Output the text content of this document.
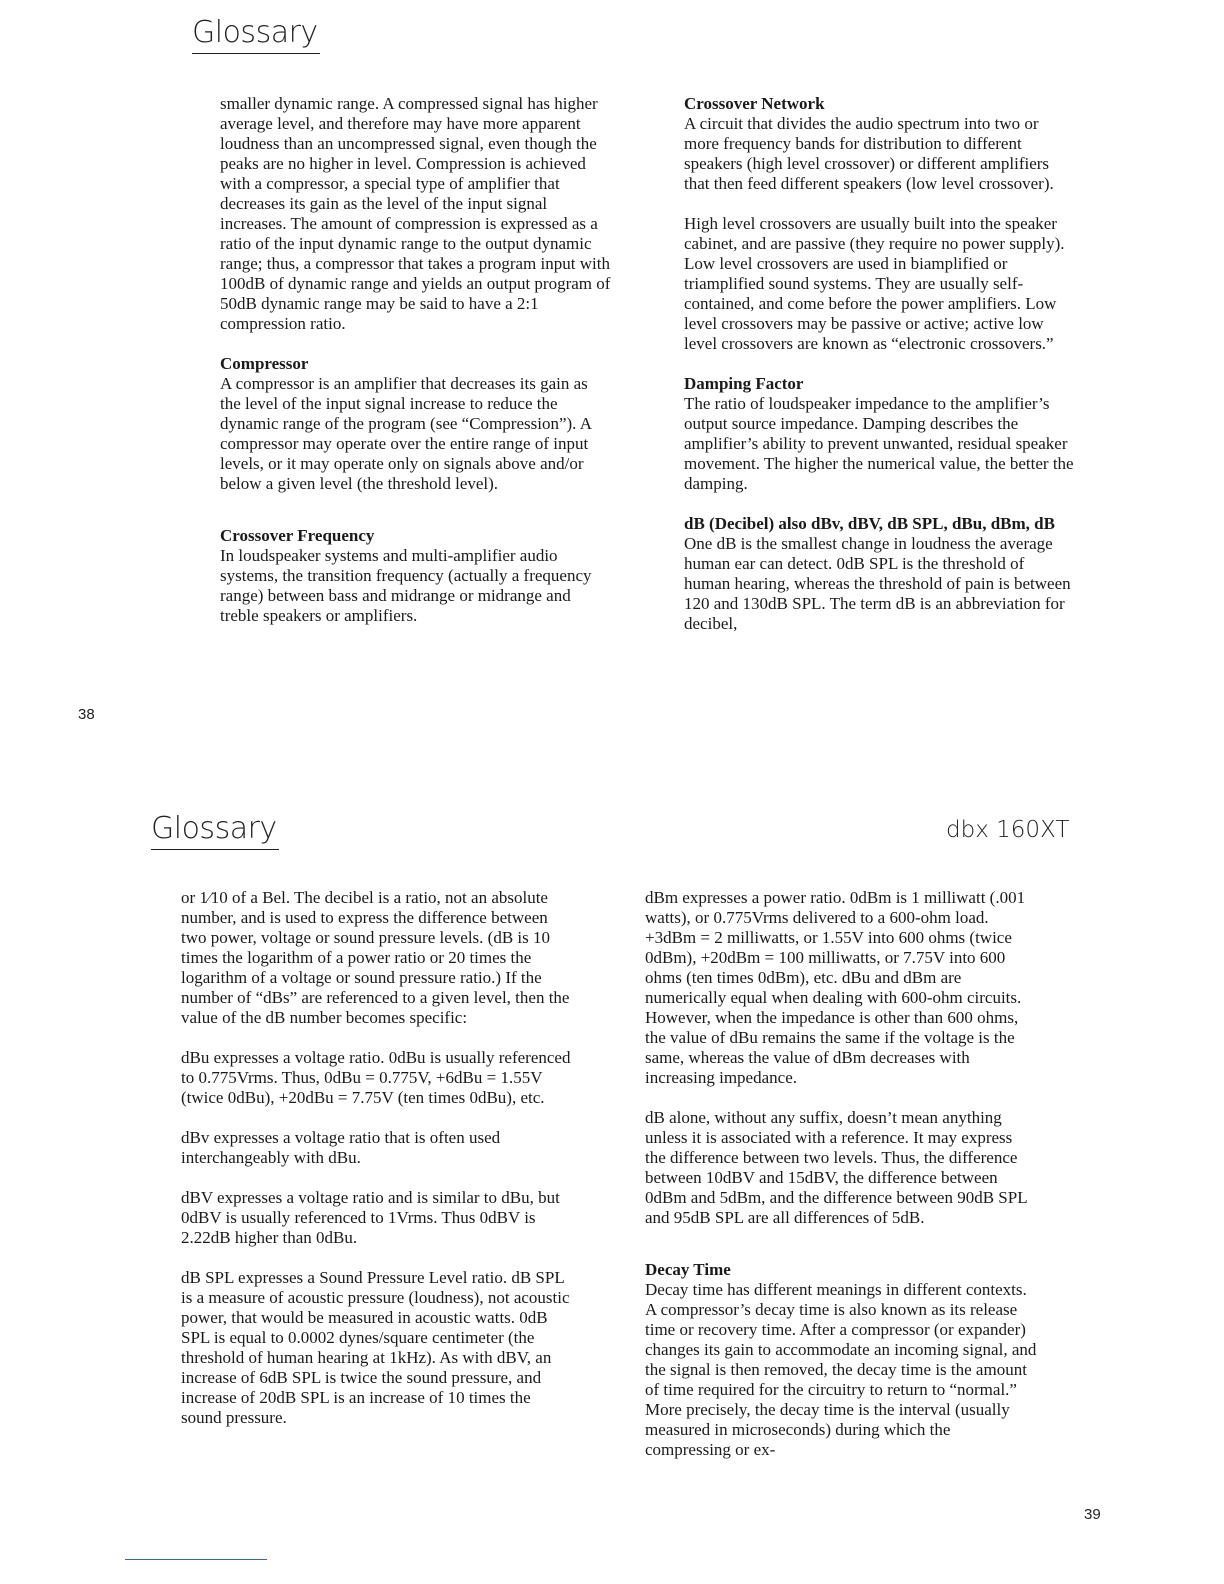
Glossary

smaller dynamic range. A compressed signal has higher average level, and therefore may have more apparent loudness than an uncompressed signal, even though the peaks are no higher in level. Compression is achieved with a compressor, a special type of amplifier that decreases its gain as the level of the input signal increases. The amount of compression is expressed as a ratio of the input dynamic range to the output dynamic range; thus, a compressor that takes a program input with 100dB of dynamic range and yields an output program of 50dB dynamic range may be said to have a 2:1 compression ratio.

Compressor
A compressor is an amplifier that decreases its gain as the level of the input signal increase to reduce the dynamic range of the program (see “Compression”). A compressor may operate over the entire range of input levels, or it may operate only on signals above and/or below a given level (the threshold level).

Crossover Frequency
In loudspeaker systems and multi-amplifier audio systems, the transition frequency (actually a frequency range) between bass and midrange or midrange and treble speakers or amplifiers.

Crossover Network
A circuit that divides the audio spectrum into two or more frequency bands for distribution to different speakers (high level crossover) or different amplifiers that then feed different speakers (low level crossover).

High level crossovers are usually built into the speaker cabinet, and are passive (they require no power supply). Low level crossovers are used in biamplified or triamplified sound systems. They are usually self-contained, and come before the power amplifiers. Low level crossovers may be passive or active; active low level crossovers are known as “electronic crossovers.”

Damping Factor
The ratio of loudspeaker impedance to the amplifier’s output source impedance. Damping describes the amplifier’s ability to prevent unwanted, residual speaker movement. The higher the numerical value, the better the damping.

dB (Decibel) also dBv, dBV, dB SPL, dBu, dBm, dB
One dB is the smallest change in loudness the average human ear can detect. 0dB SPL is the threshold of human hearing, whereas the threshold of pain is between 120 and 130dB SPL. The term dB is an abbreviation for decibel,

38
Glossary	dbx 160XT

or 1⁄10 of a Bel. The decibel is a ratio, not an absolute number, and is used to express the difference between two power, voltage or sound pressure levels. (dB is 10 times the logarithm of a power ratio or 20 times the logarithm of a voltage or sound pressure ratio.) If the number of “dBs” are referenced to a given level, then the value of the dB number becomes specific:

dBu expresses a voltage ratio. 0dBu is usually referenced to 0.775Vrms. Thus, 0dBu = 0.775V, +6dBu = 1.55V (twice 0dBu), +20dBu = 7.75V (ten times 0dBu), etc.

dBv expresses a voltage ratio that is often used interchangeably with dBu.

dBV expresses a voltage ratio and is similar to dBu, but 0dBV is usually referenced to 1Vrms. Thus 0dBV is 2.22dB higher than 0dBu.

dB SPL expresses a Sound Pressure Level ratio. dB SPL is a measure of acoustic pressure (loudness), not acoustic power, that would be measured in acoustic watts. 0dB SPL is equal to 0.0002 dynes/square centimeter (the threshold of human hearing at 1kHz). As with dBV, an increase of 6dB SPL is twice the sound pressure, and increase of 20dB SPL is an increase of 10 times the sound pressure.

dBm expresses a power ratio. 0dBm is 1 milliwatt (.001 watts), or 0.775Vrms delivered to a 600-ohm load. +3dBm = 2 milliwatts, or 1.55V into 600 ohms (twice 0dBm), +20dBm = 100 milliwatts, or 7.75V into 600 ohms (ten times 0dBm), etc. dBu and dBm are numerically equal when dealing with 600-ohm circuits. However, when the impedance is other than 600 ohms, the value of dBu remains the same if the voltage is the same, whereas the value of dBm decreases with increasing impedance.

dB alone, without any suffix, doesn’t mean anything unless it is associated with a reference. It may express the difference between two levels. Thus, the difference between 10dBV and 15dBV, the difference between 0dBm and 5dBm, and the difference between 90dB SPL and 95dB SPL are all differences of 5dB.

Decay Time
Decay time has different meanings in different contexts. A compressor’s decay time is also known as its release time or recovery time. After a compressor (or expander) changes its gain to accommodate an incoming signal, and the signal is then removed, the decay time is the amount of time required for the circuitry to return to “normal.” More precisely, the decay time is the interval (usually measured in microseconds) during which the compressing or ex-

39
